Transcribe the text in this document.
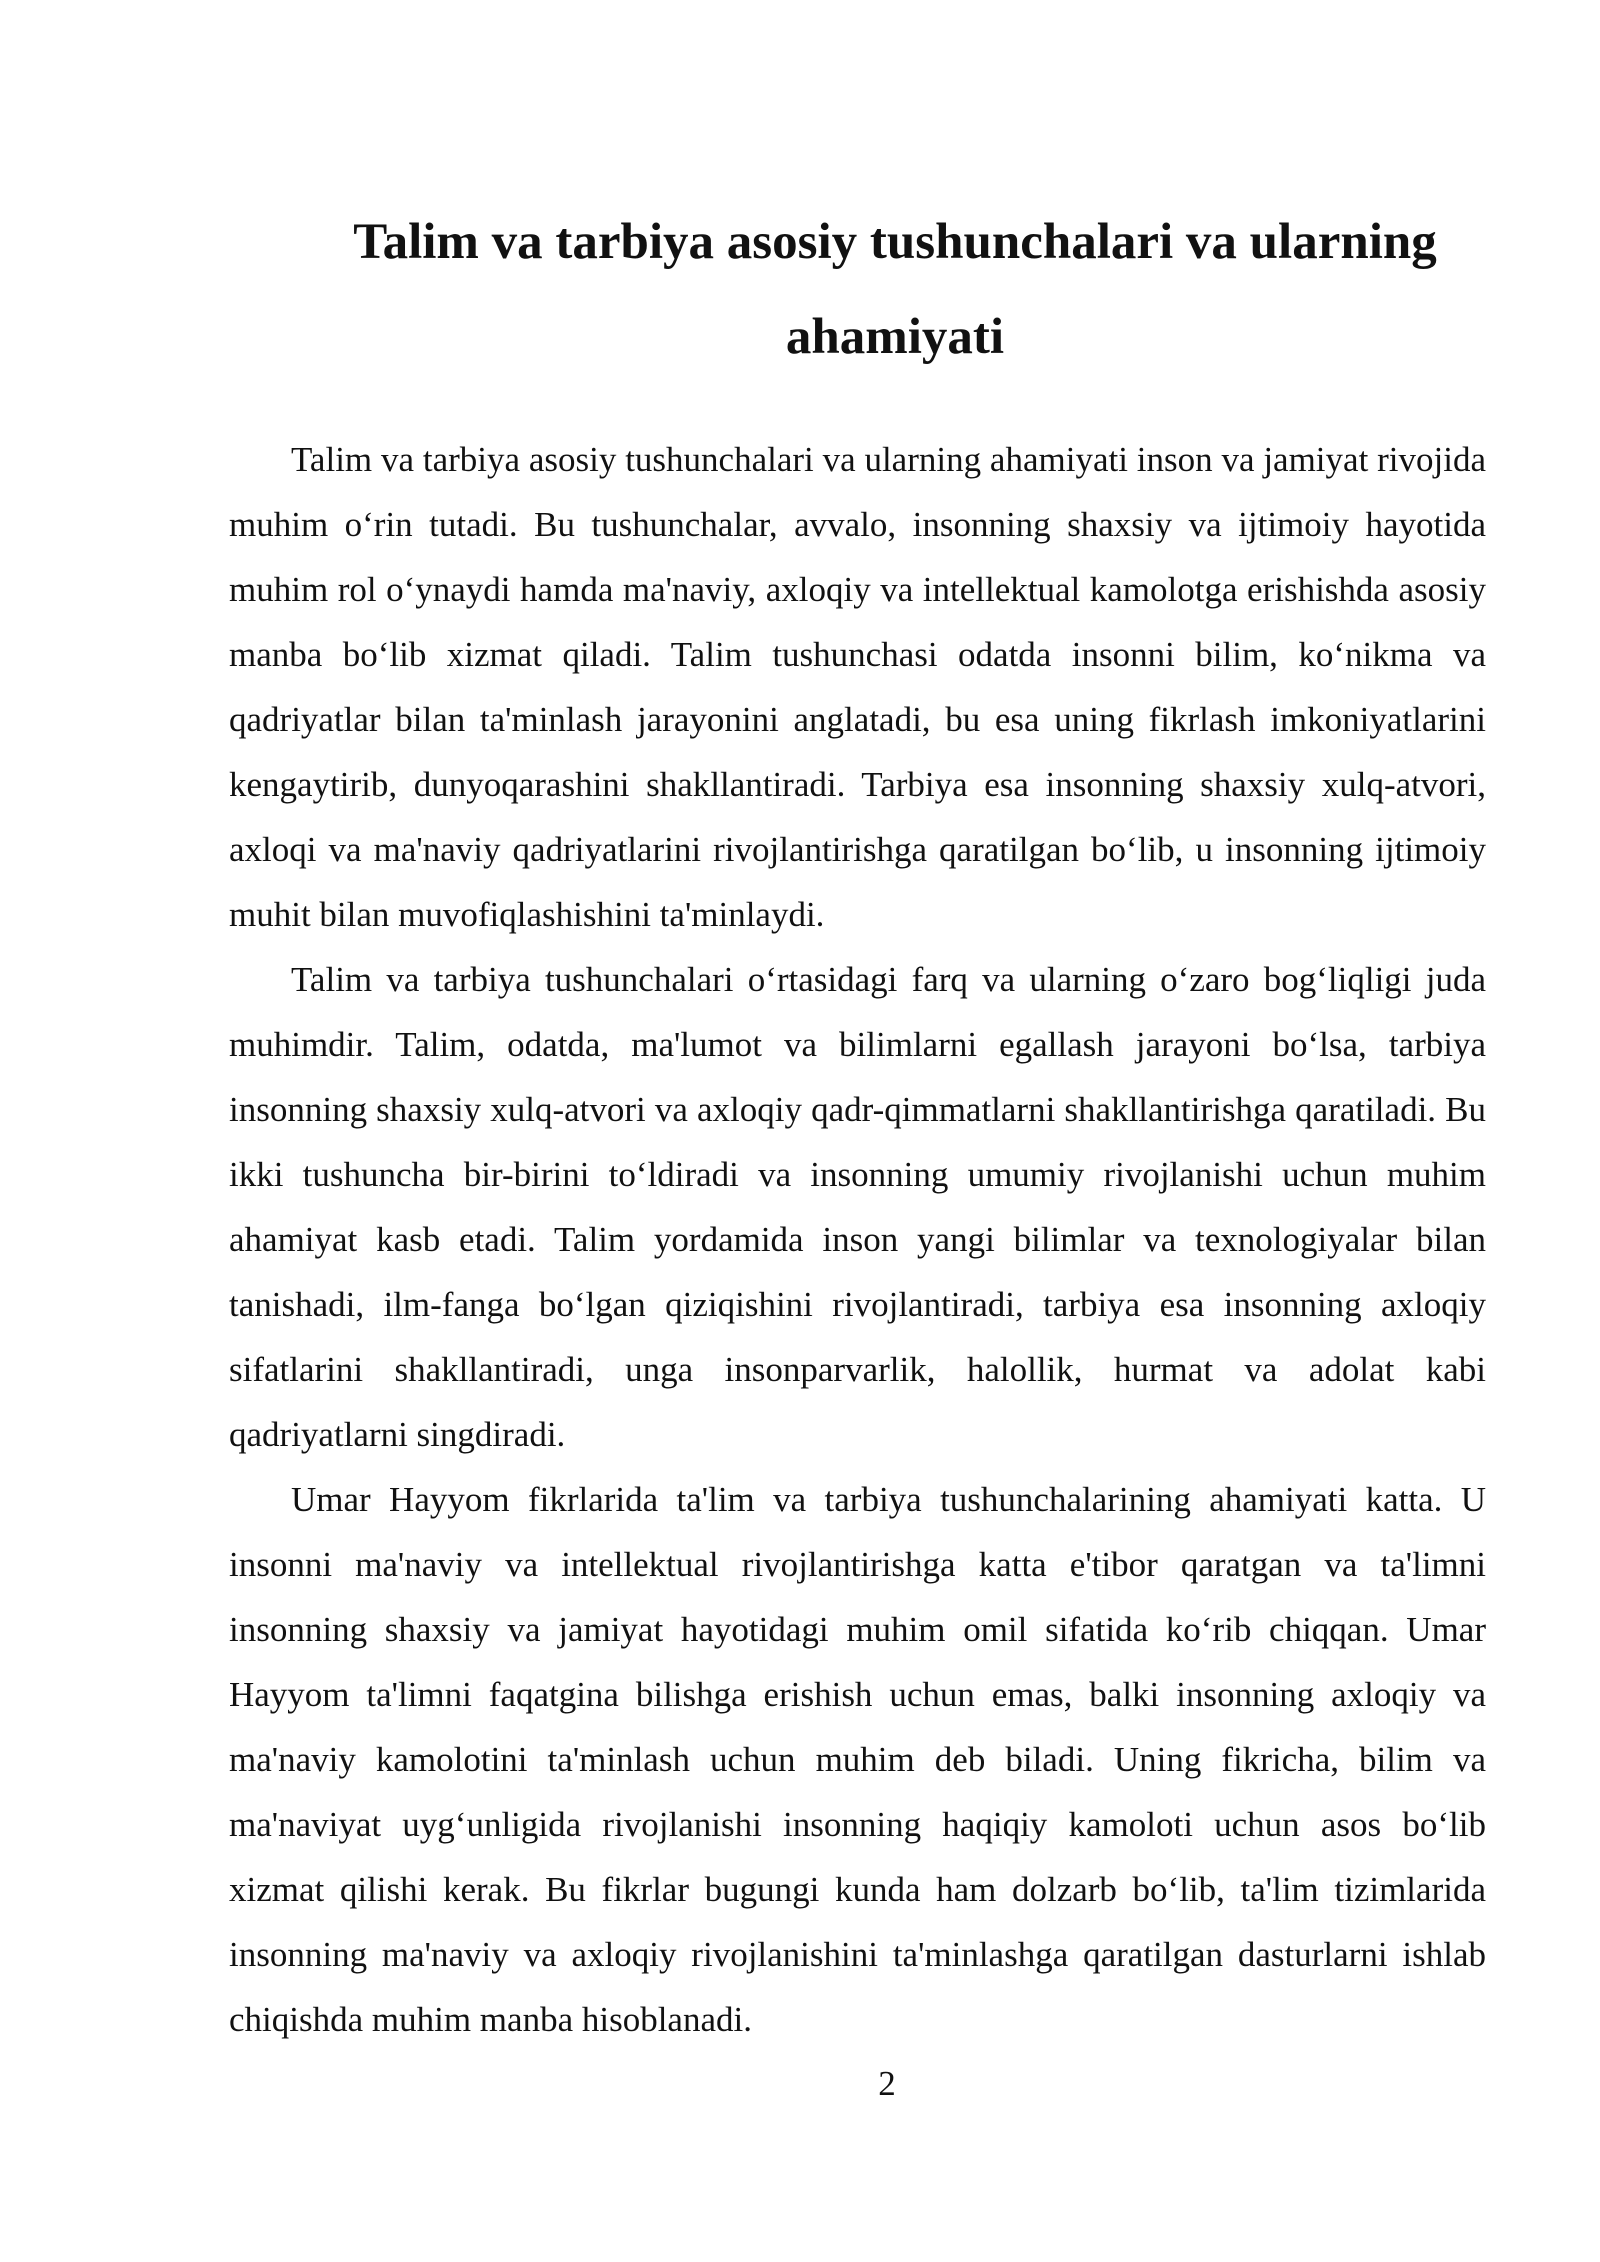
Talim va tarbiya asosiy tushunchalari va ularning ahamiyati

Talim va tarbiya asosiy tushunchalari va ularning ahamiyati inson va jamiyat rivojida muhim o‘rin tutadi. Bu tushunchalar, avvalo, insonning shaxsiy va ijtimoiy hayotida muhim rol o‘ynaydi hamda ma'naviy, axloqiy va intellektual kamolotga erishishda asosiy manba bo‘lib xizmat qiladi. Talim tushunchasi odatda insonni bilim, ko‘nikma va qadriyatlar bilan ta'minlash jarayonini anglatadi, bu esa uning fikrlash imkoniyatlarini kengaytirib, dunyoqarashini shakllantiradi. Tarbiya esa insonning shaxsiy xulq-atvori, axloqi va ma'naviy qadriyatlarini rivojlantirishga qaratilgan bo‘lib, u insonning ijtimoiy muhit bilan muvofiqlashishini ta'minlaydi.

Talim va tarbiya tushunchalari o‘rtasidagi farq va ularning o‘zaro bog‘liqligi juda muhimdir. Talim, odatda, ma'lumot va bilimlarni egallash jarayoni bo‘lsa, tarbiya insonning shaxsiy xulq-atvori va axloqiy qadr-qimmatlarni shakllantirishga qaratiladi. Bu ikki tushuncha bir-birini to‘ldiradi va insonning umumiy rivojlanishi uchun muhim ahamiyat kasb etadi. Talim yordamida inson yangi bilimlar va texnologiyalar bilan tanishadi, ilm-fanga bo‘lgan qiziqishini rivojlantiradi, tarbiya esa insonning axloqiy sifatlarini shakllantiradi, unga insonparvarlik, halollik, hurmat va adolat kabi qadriyatlarni singdiradi.

Umar Hayyom fikrlarida ta'lim va tarbiya tushunchalarining ahamiyati katta. U insonni ma'naviy va intellektual rivojlantirishga katta e'tibor qaratgan va ta'limni insonning shaxsiy va jamiyat hayotidagi muhim omil sifatida ko‘rib chiqqan. Umar Hayyom ta'limni faqatgina bilishga erishish uchun emas, balki insonning axloqiy va ma'naviy kamolotini ta'minlash uchun muhim deb biladi. Uning fikricha, bilim va ma'naviyat uyg‘unligida rivojlanishi insonning haqiqiy kamoloti uchun asos bo‘lib xizmat qilishi kerak. Bu fikrlar bugungi kunda ham dolzarb bo‘lib, ta'lim tizimlarida insonning ma'naviy va axloqiy rivojlanishini ta'minlashga qaratilgan dasturlarni ishlab chiqishda muhim manba hisoblanadi.

2
